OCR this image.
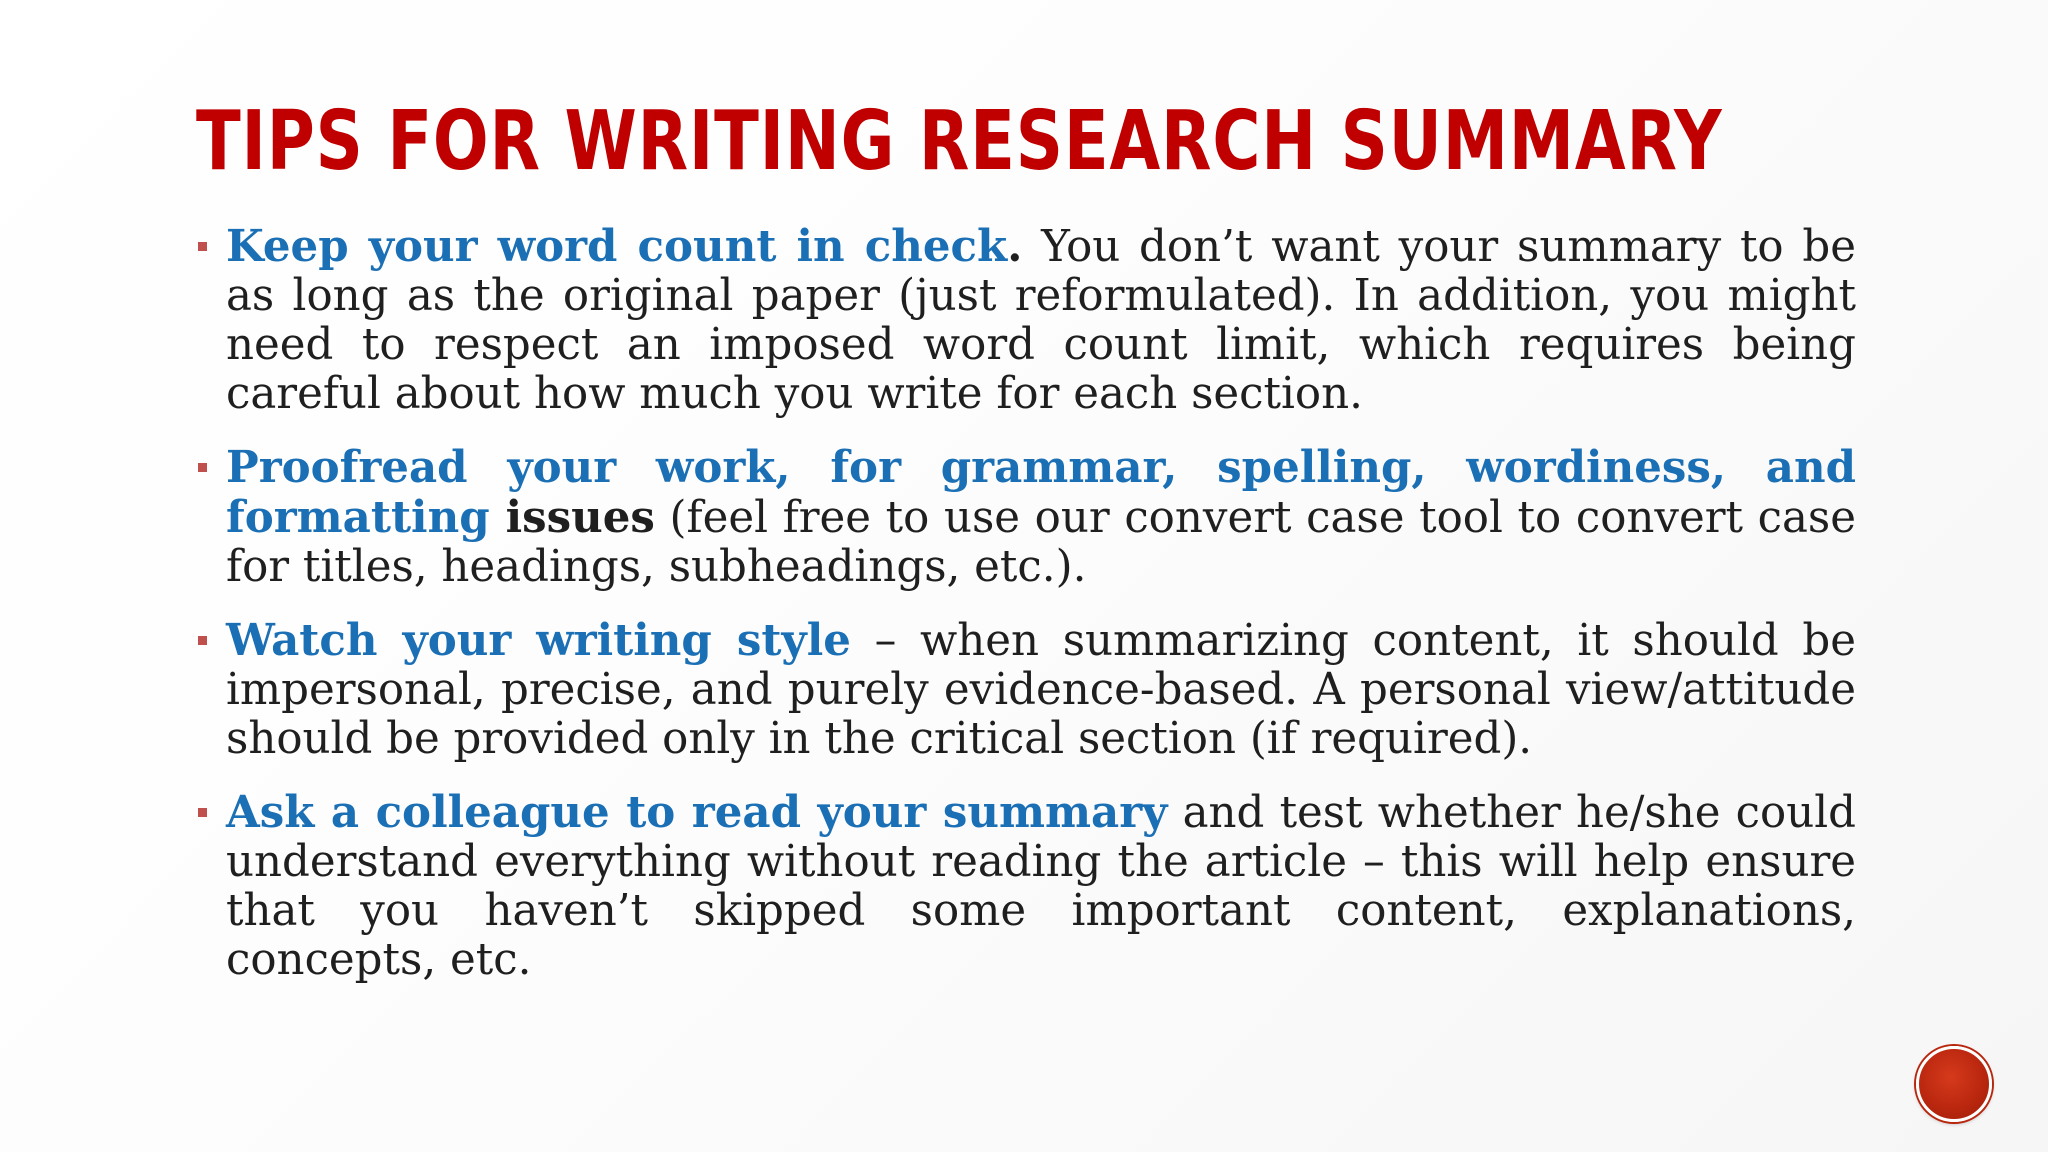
TIPS FOR WRITING RESEARCH SUMMARY
Keep your word count in check. You don’t want your summary to be as long as the original paper (just reformulated). In addition, you might need to respect an imposed word count limit, which requires being careful about how much you write for each section.
Proofread your work, for grammar, spelling, wordiness, and formatting issues (feel free to use our convert case tool to convert case for titles, headings, subheadings, etc.).
Watch your writing style – when summarizing content, it should be impersonal, precise, and purely evidence-based. A personal view/attitude should be provided only in the critical section (if required).
Ask a colleague to read your summary and test whether he/she could understand everything without reading the article – this will help ensure that you haven’t skipped some important content, explanations, concepts, etc.
